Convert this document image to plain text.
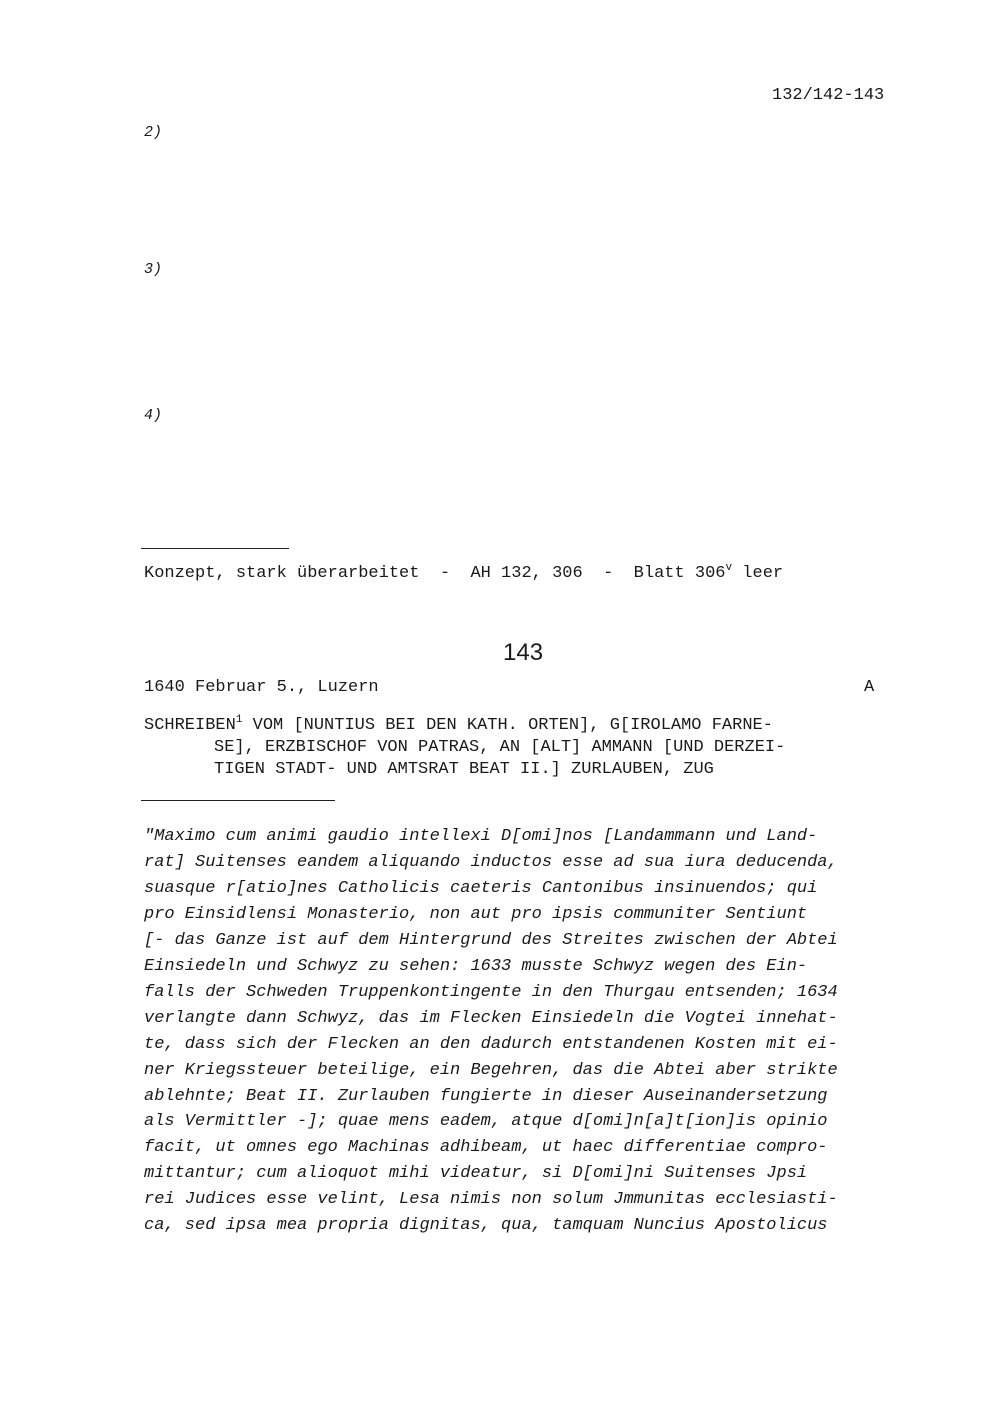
132/142-143
2)
3)
4)
Konzept, stark überarbeitet  -  AH 132, 306  -  Blatt 306$^v$ leer
143
1640 Februar 5., Luzern	A
SCHREIBEN$^1$ VOM [NUNTIUS BEI DEN KATH. ORTEN], G[IROLAMO FARNE-
SE], ERZBISCHOF VON PATRAS, AN [ALT] AMMANN [UND DERZEI-
TIGEN STADT- UND AMTSRAT BEAT II.] ZURLAUBEN, ZUG
"Maximo cum animi gaudio intellexi D[omi]nos [Landammann und Land-
rat] Suitenses eandem aliquando inductos esse ad sua iura deducenda,
suasque r[atio]nes Catholicis caeteris Cantonibus insinuendos; qui
pro Einsidlensi Monasterio, non aut pro ipsis communiter Sentiunt
[- das Ganze ist auf dem Hintergrund des Streites zwischen der Abtei
Einsiedeln und Schwyz zu sehen: 1633 musste Schwyz wegen des Ein-
falls der Schweden Truppenkontingente in den Thurgau entsenden; 1634
verlangte dann Schwyz, das im Flecken Einsiedeln die Vogtei innehat-
te, dass sich der Flecken an den dadurch entstandenen Kosten mit ei-
ner Kriegssteuer beteilige, ein Begehren, das die Abtei aber strikte
ablehnte; Beat II. Zurlauben fungierte in dieser Auseinandersetzung
als Vermittler -]; quae mens eadem, atque d[omi]n[a]t[ion]is opinio
facit, ut omnes ego Machinas adhibeam, ut haec differentiae compro-
mittantur; cum alioquot mihi videatur, si D[omi]ni Suitenses Jpsi
rei Judices esse velint, Lesa nimis non solum Jmmunitas ecclesiasti-
ca, sed ipsa mea propria dignitas, qua, tamquam Nuncius Apostolicus
